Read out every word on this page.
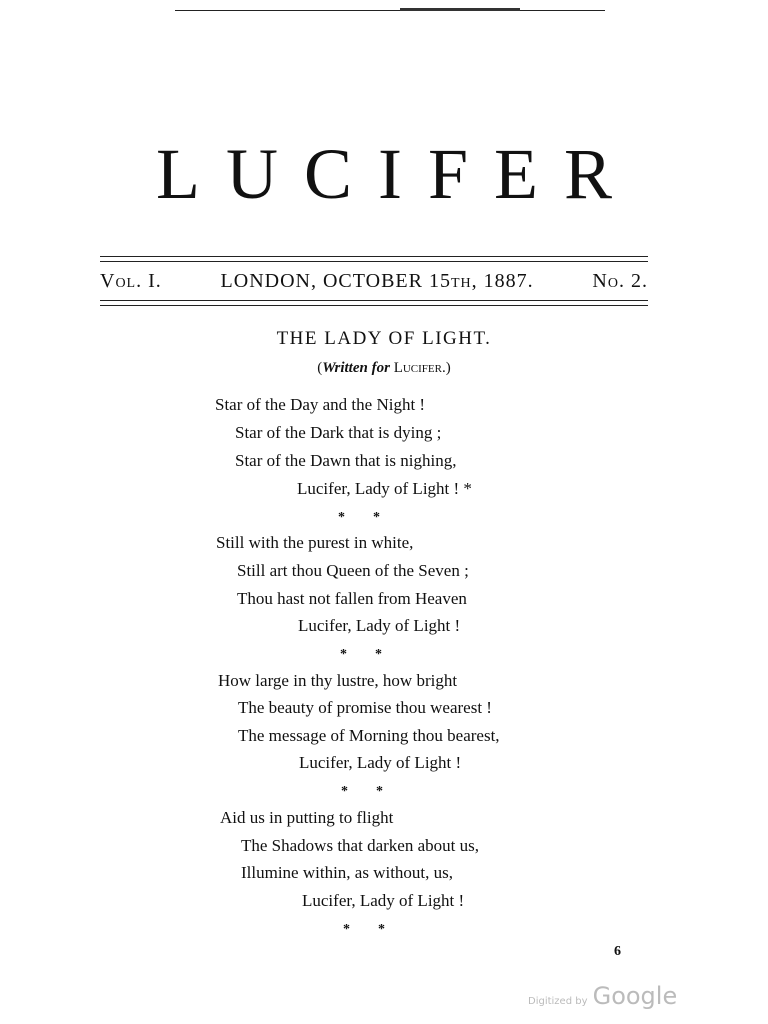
LUCIFER
Vol. I.	LONDON, OCTOBER 15th, 1887.	No. 2.
THE LADY OF LIGHT.
(Written for Lucifer.)
Star of the Day and the Night !
Star of the Dark that is dying ;
Star of the Dawn that is nighing,
Lucifer, Lady of Light ! *
*        *
Still with the purest in white,
Still art thou Queen of the Seven ;
Thou hast not fallen from Heaven
Lucifer, Lady of Light !
*        *
How large in thy lustre, how bright
The beauty of promise thou wearest !
The message of Morning thou bearest,
Lucifer, Lady of Light !
*        *
Aid us in putting to flight
The Shadows that darken about us,
Illumine within, as without, us,
Lucifer, Lady of Light !
*        *
6
Digitized by Google
